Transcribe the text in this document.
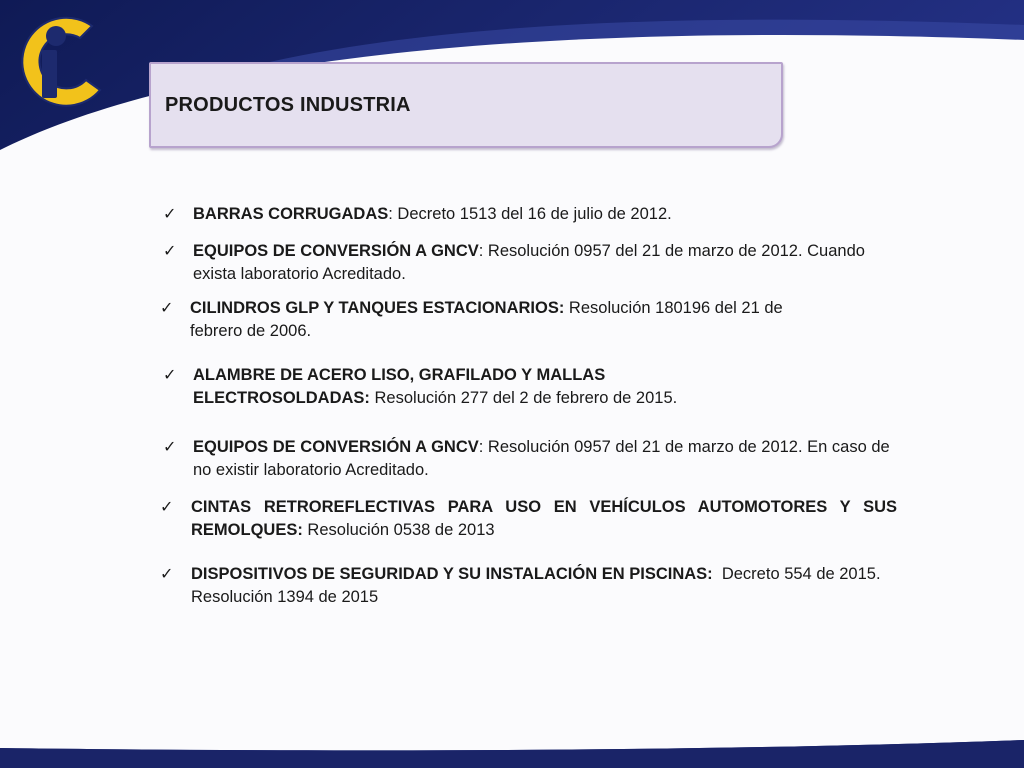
PRODUCTOS INDUSTRIA
✓ BARRAS CORRUGADAS: Decreto 1513 del 16 de julio de 2012.
✓ EQUIPOS DE CONVERSIÓN A GNCV: Resolución 0957 del 21 de marzo de 2012. Cuando exista laboratorio Acreditado.
✓ CILINDROS GLP Y TANQUES ESTACIONARIOS: Resolución 180196 del 21 de febrero de 2006.
✓ ALAMBRE DE ACERO LISO, GRAFILADO Y MALLAS ELECTROSOLDADAS: Resolución 277 del 2 de febrero de 2015.
✓ EQUIPOS DE CONVERSIÓN A GNCV: Resolución 0957 del 21 de marzo de 2012. En caso de no existir laboratorio Acreditado.
✓ CINTAS RETROREFLECTIVAS PARA USO EN VEHÍCULOS AUTOMOTORES Y SUS
REMOLQUES: Resolución 0538 de 2013
✓ DISPOSITIVOS DE SEGURIDAD Y SU INSTALACIÓN EN PISCINAS:  Decreto 554 de 2015. Resolución 1394 de 2015
